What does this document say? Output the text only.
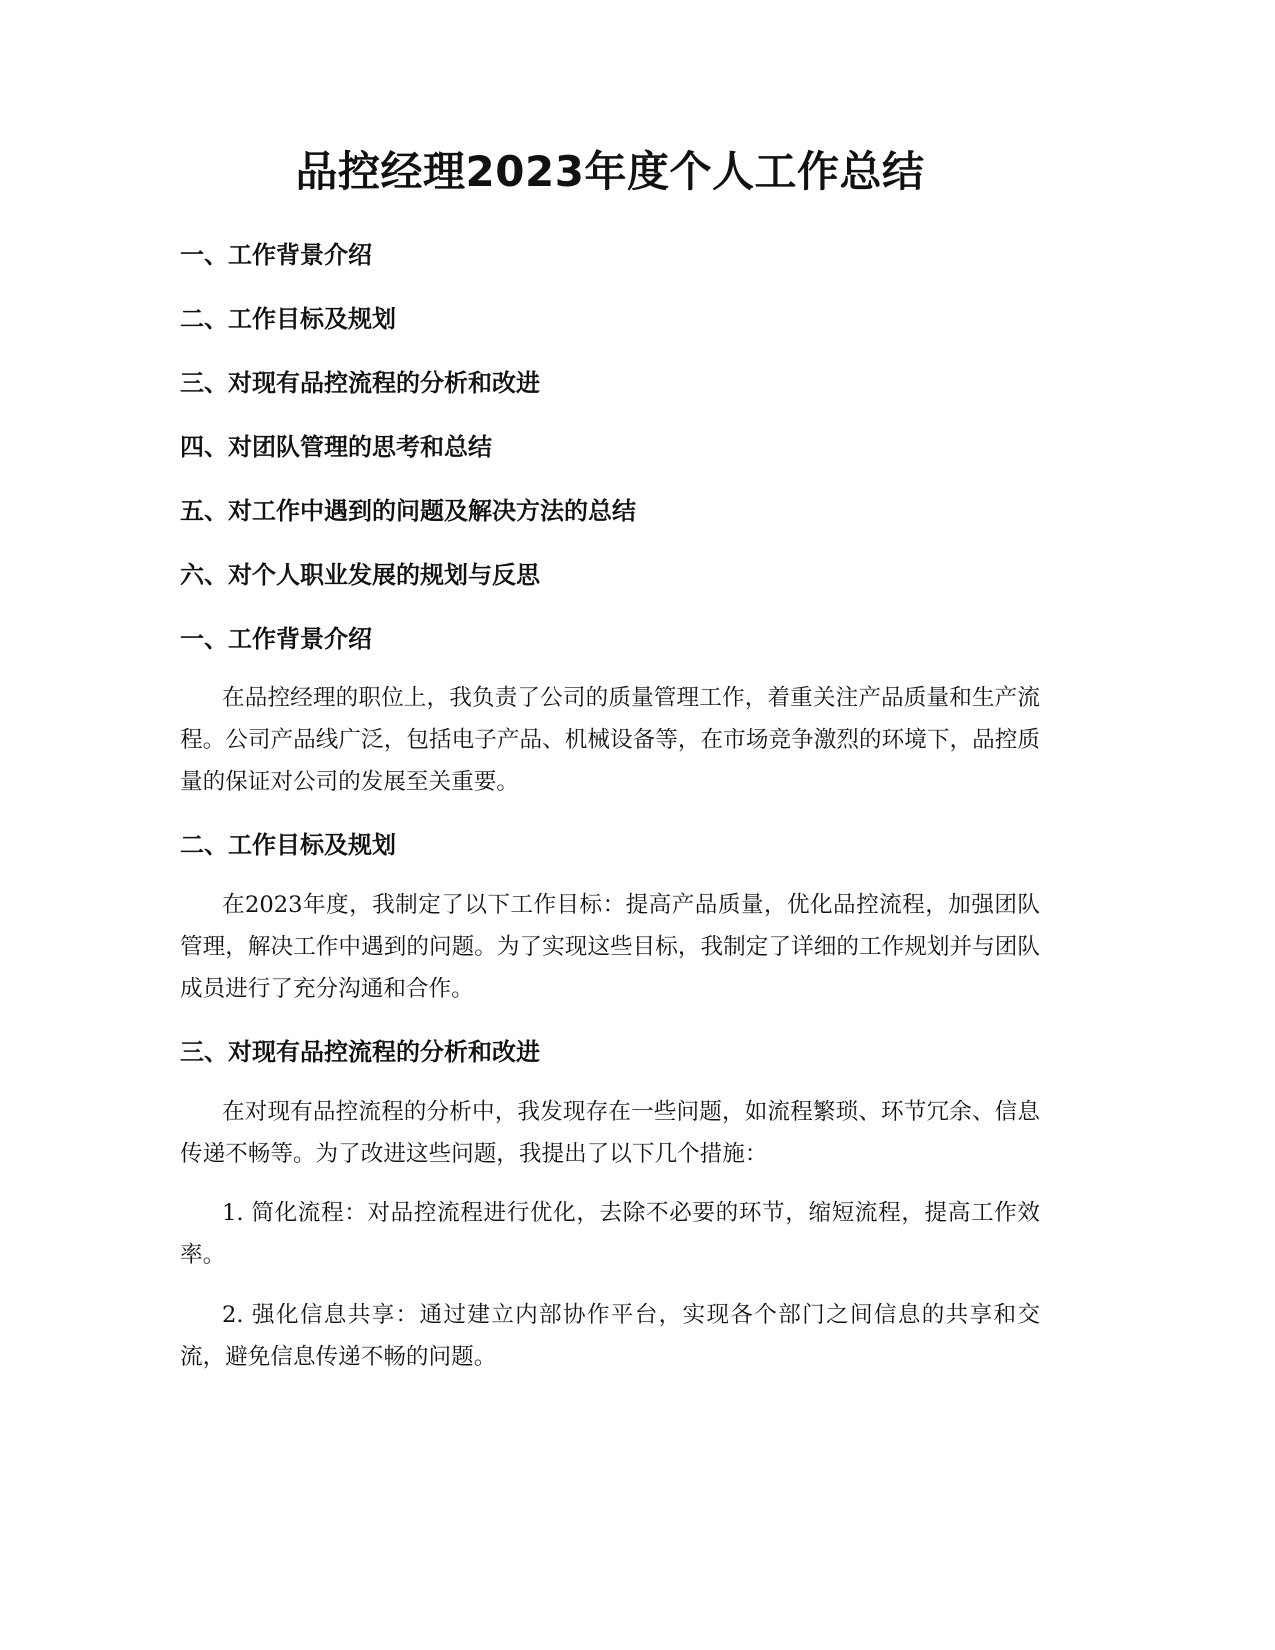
品控经理2023年度个人工作总结
一、工作背景介绍
二、工作目标及规划
三、对现有品控流程的分析和改进
四、对团队管理的思考和总结
五、对工作中遇到的问题及解决方法的总结
六、对个人职业发展的规划与反思
一、工作背景介绍

在品控经理的职位上，我负责了公司的质量管理工作，着重关注产品质量和生产流程。公司产品线广泛，包括电子产品、机械设备等，在市场竞争激烈的环境下，品控质量的保证对公司的发展至关重要。

二、工作目标及规划

在2023年度，我制定了以下工作目标：提高产品质量，优化品控流程，加强团队管理，解决工作中遇到的问题。为了实现这些目标，我制定了详细的工作规划并与团队成员进行了充分沟通和合作。

三、对现有品控流程的分析和改进

在对现有品控流程的分析中，我发现存在一些问题，如流程繁琐、环节冗余、信息传递不畅等。为了改进这些问题，我提出了以下几个措施：

1. 简化流程：对品控流程进行优化，去除不必要的环节，缩短流程，提高工作效率。

2. 强化信息共享：通过建立内部协作平台，实现各个部门之间信息的共享和交流，避免信息传递不畅的问题。
